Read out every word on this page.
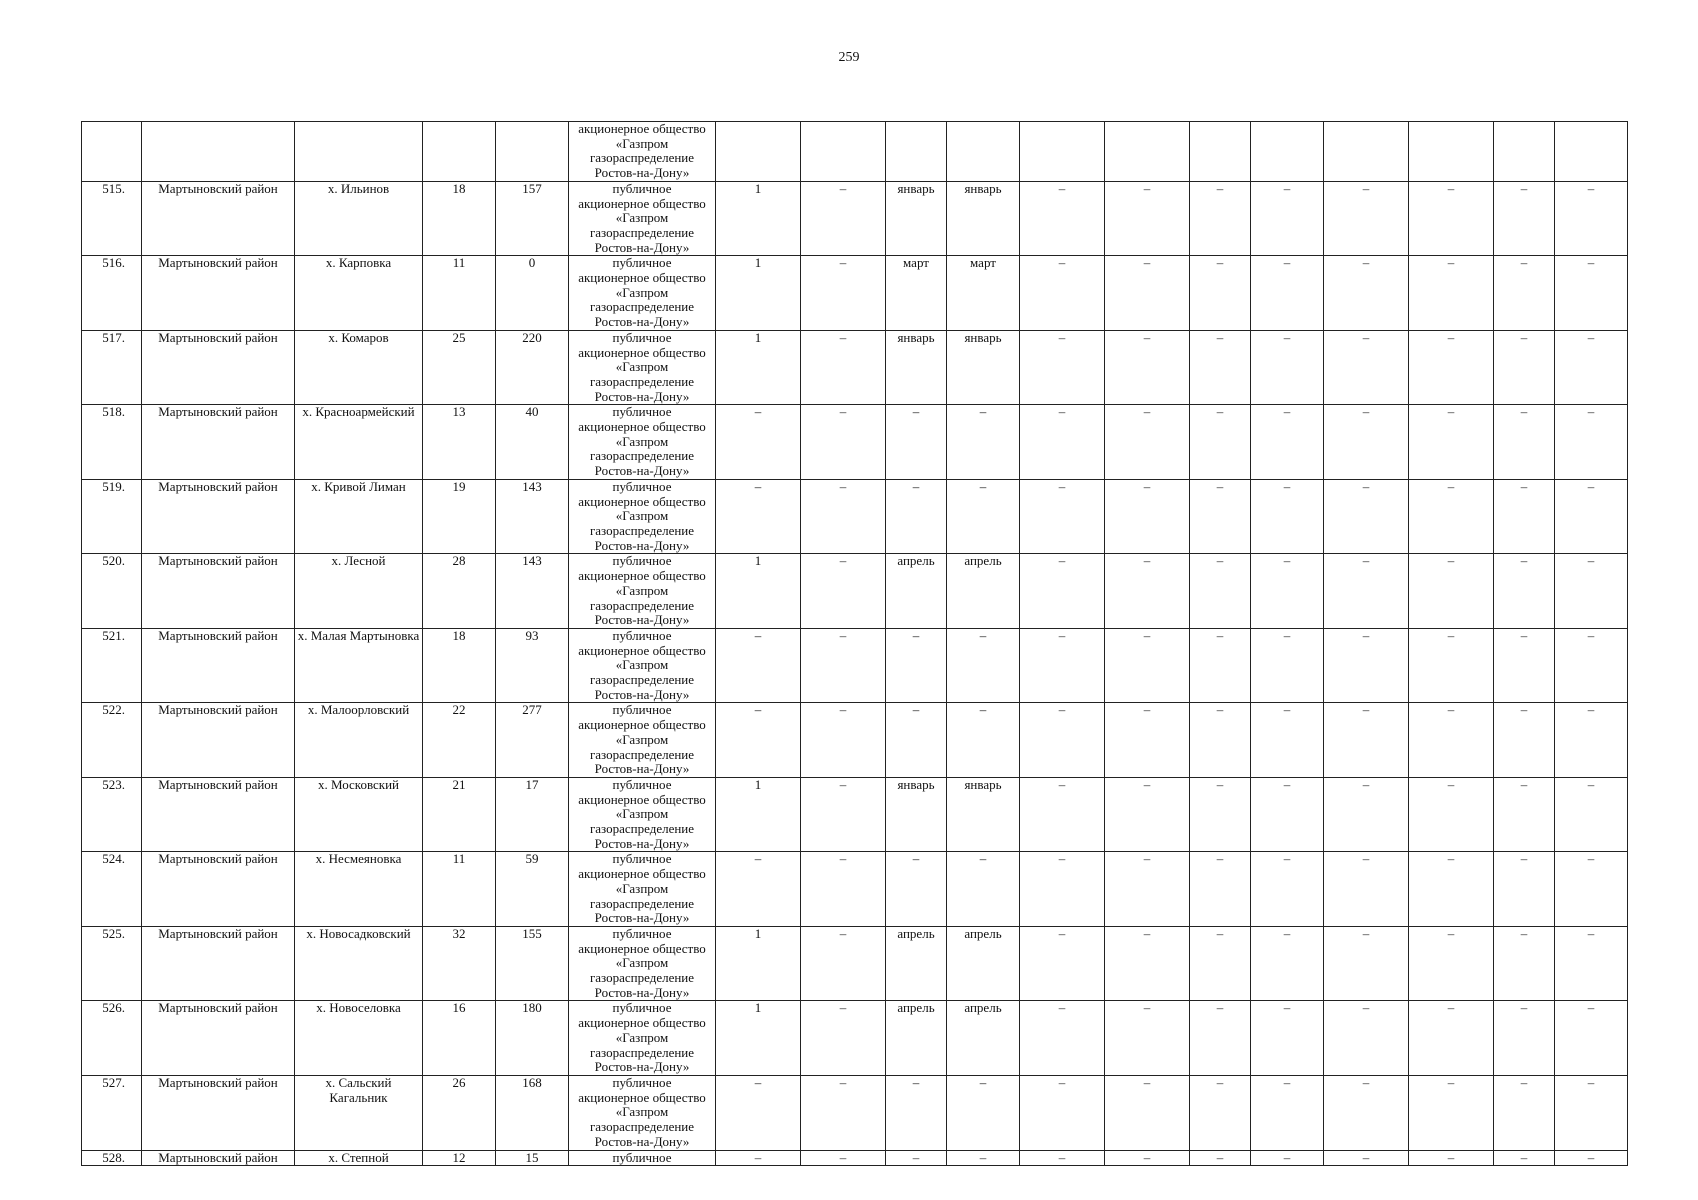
259

					акционерное общество
«Газпром
газораспределение
Ростов-на-Дону»												

515.	Мартыновский район	х. Ильинов	18	157	публичное
акционерное общество
«Газпром
газораспределение
Ростов-на-Дону»	1	–	январь	январь	–	–	–	–	–	–	–	–
516.	Мартыновский район	х. Карповка	11	0	публичное
акционерное общество
«Газпром
газораспределение
Ростов-на-Дону»	1	–	март	март	–	–	–	–	–	–	–	–
517.	Мартыновский район	х. Комаров	25	220	публичное
акционерное общество
«Газпром
газораспределение
Ростов-на-Дону»	1	–	январь	январь	–	–	–	–	–	–	–	–
518.	Мартыновский район	х. Красноармейский	13	40	публичное
акционерное общество
«Газпром
газораспределение
Ростов-на-Дону»	–	–	–	–	–	–	–	–	–	–	–	–
519.	Мартыновский район	х. Кривой Лиман	19	143	публичное
акционерное общество
«Газпром
газораспределение
Ростов-на-Дону»	–	–	–	–	–	–	–	–	–	–	–	–
520.	Мартыновский район	х. Лесной	28	143	публичное
акционерное общество
«Газпром
газораспределение
Ростов-на-Дону»	1	–	апрель	апрель	–	–	–	–	–	–	–	–
521.	Мартыновский район	х. Малая Мартыновка	18	93	публичное
акционерное общество
«Газпром
газораспределение
Ростов-на-Дону»	–	–	–	–	–	–	–	–	–	–	–	–
522.	Мартыновский район	х. Малоорловский	22	277	публичное
акционерное общество
«Газпром
газораспределение
Ростов-на-Дону»	–	–	–	–	–	–	–	–	–	–	–	–
523.	Мартыновский район	х. Московский	21	17	публичное
акционерное общество
«Газпром
газораспределение
Ростов-на-Дону»	1	–	январь	январь	–	–	–	–	–	–	–	–
524.	Мартыновский район	х. Несмеяновка	11	59	публичное
акционерное общество
«Газпром
газораспределение
Ростов-на-Дону»	–	–	–	–	–	–	–	–	–	–	–	–
525.	Мартыновский район	х. Новосадковский	32	155	публичное
акционерное общество
«Газпром
газораспределение
Ростов-на-Дону»	1	–	апрель	апрель	–	–	–	–	–	–	–	–
526.	Мартыновский район	х. Новоселовка	16	180	публичное
акционерное общество
«Газпром
газораспределение
Ростов-на-Дону»	1	–	апрель	апрель	–	–	–	–	–	–	–	–
527.	Мартыновский район	х. Сальский Кагальник	26	168	публичное
акционерное общество
«Газпром
газораспределение
Ростов-на-Дону»	–	–	–	–	–	–	–	–	–	–	–	–
528.	Мартыновский район	х. Степной	12	15	публичное	–	–	–	–	–	–	–	–	–	–	–	–
